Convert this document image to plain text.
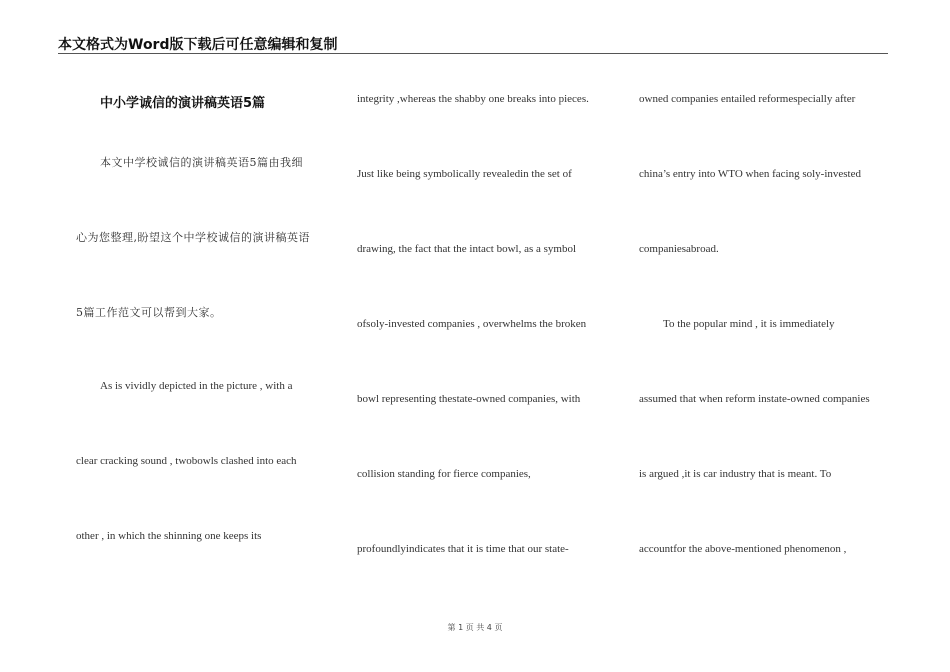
本文格式为Word版下载后可任意编辑和复制
中小学诚信的演讲稿英语5篇
本文中学校诚信的演讲稿英语5篇由我细
心为您整理,盼望这个中学校诚信的演讲稿英语
5篇工作范文可以帮到大家。
As is vividly depicted in the picture , with a
clear cracking sound , twobowls clashed into each
other , in which the shinning one keeps its
integrity ,whereas the shabby one breaks into pieces.
Just like being symbolically revealedin the set of
drawing, the fact that the intact bowl, as a symbol
ofsoly-invested companies , overwhelms the broken
bowl representing thestate-owned companies, with
collision standing for fierce companies,
profoundlyindicates that it is time that our state-
owned companies entailed reformespecially after
china’s entry into WTO when facing soly-invested
companiesabroad.
To the popular mind , it is immediately
assumed that when reform instate-owned companies
is argued ,it is car industry that is meant. To
accountfor the above-mentioned phenomenon ,
第 1 页 共 4 页
